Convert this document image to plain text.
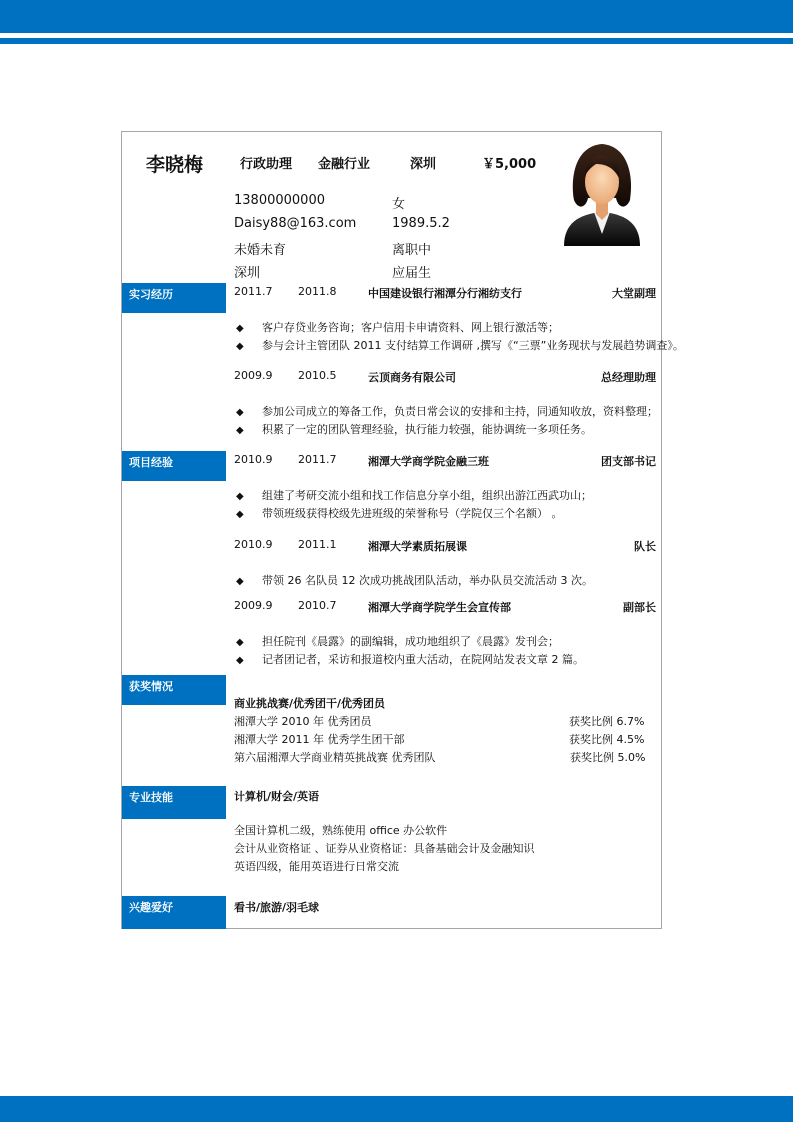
李晓梅	行政助理 金融行业	深圳	￥5,000
13800000000	女
Daisy88@163.com	1989.5.2
未婚未育	离职中
深圳	应届生
实习经历
项目经验
获奖情况
专业技能
兴趣爱好
2011.7 2011.8	中国建设银行湘潭分行湘纺支行	大堂副理
◆ 客户存贷业务咨询；客户信用卡申请资料、网上银行激活等；
◆ 参与会计主管团队 2011 支付结算工作调研 ,撰写《“三票”业务现状与发展趋势调查》。
2009.9 2010.5	云顶商务有限公司	总经理助理
◆ 参加公司成立的筹备工作，负责日常会议的安排和主持，同通知收放，资料整理；
◆ 积累了一定的团队管理经验，执行能力较强，能协调统一多项任务。
2010.9 2011.7	湘潭大学商学院金融三班	团支部书记
◆ 组建了考研交流小组和找工作信息分享小组，组织出游江西武功山；
◆ 带领班级获得校级先进班级的荣誉称号（学院仅三个名额） 。
2010.9 2011.1	湘潭大学素质拓展课	队长
◆ 带领 26 名队员 12 次成功挑战团队活动，举办队员交流活动 3 次。
2009.9 2010.7	湘潭大学商学院学生会宣传部	副部长
◆ 担任院刊《晨露》的副编辑，成功地组织了《晨露》发刊会；
◆ 记者团记者，采访和报道校内重大活动，在院网站发表文章 2 篇。
商业挑战赛/优秀团干/优秀团员
湘潭大学 2010 年 优秀团员	获奖比例 6.7%
湘潭大学 2011 年 优秀学生团干部	获奖比例 4.5%
第六届湘潭大学商业精英挑战赛 优秀团队	获奖比例 5.0%
计算机/财会/英语
全国计算机二级，熟练使用 office 办公软件
会计从业资格证 、证券从业资格证：具备基础会计及金融知识
英语四级，能用英语进行日常交流
看书/旅游/羽毛球
